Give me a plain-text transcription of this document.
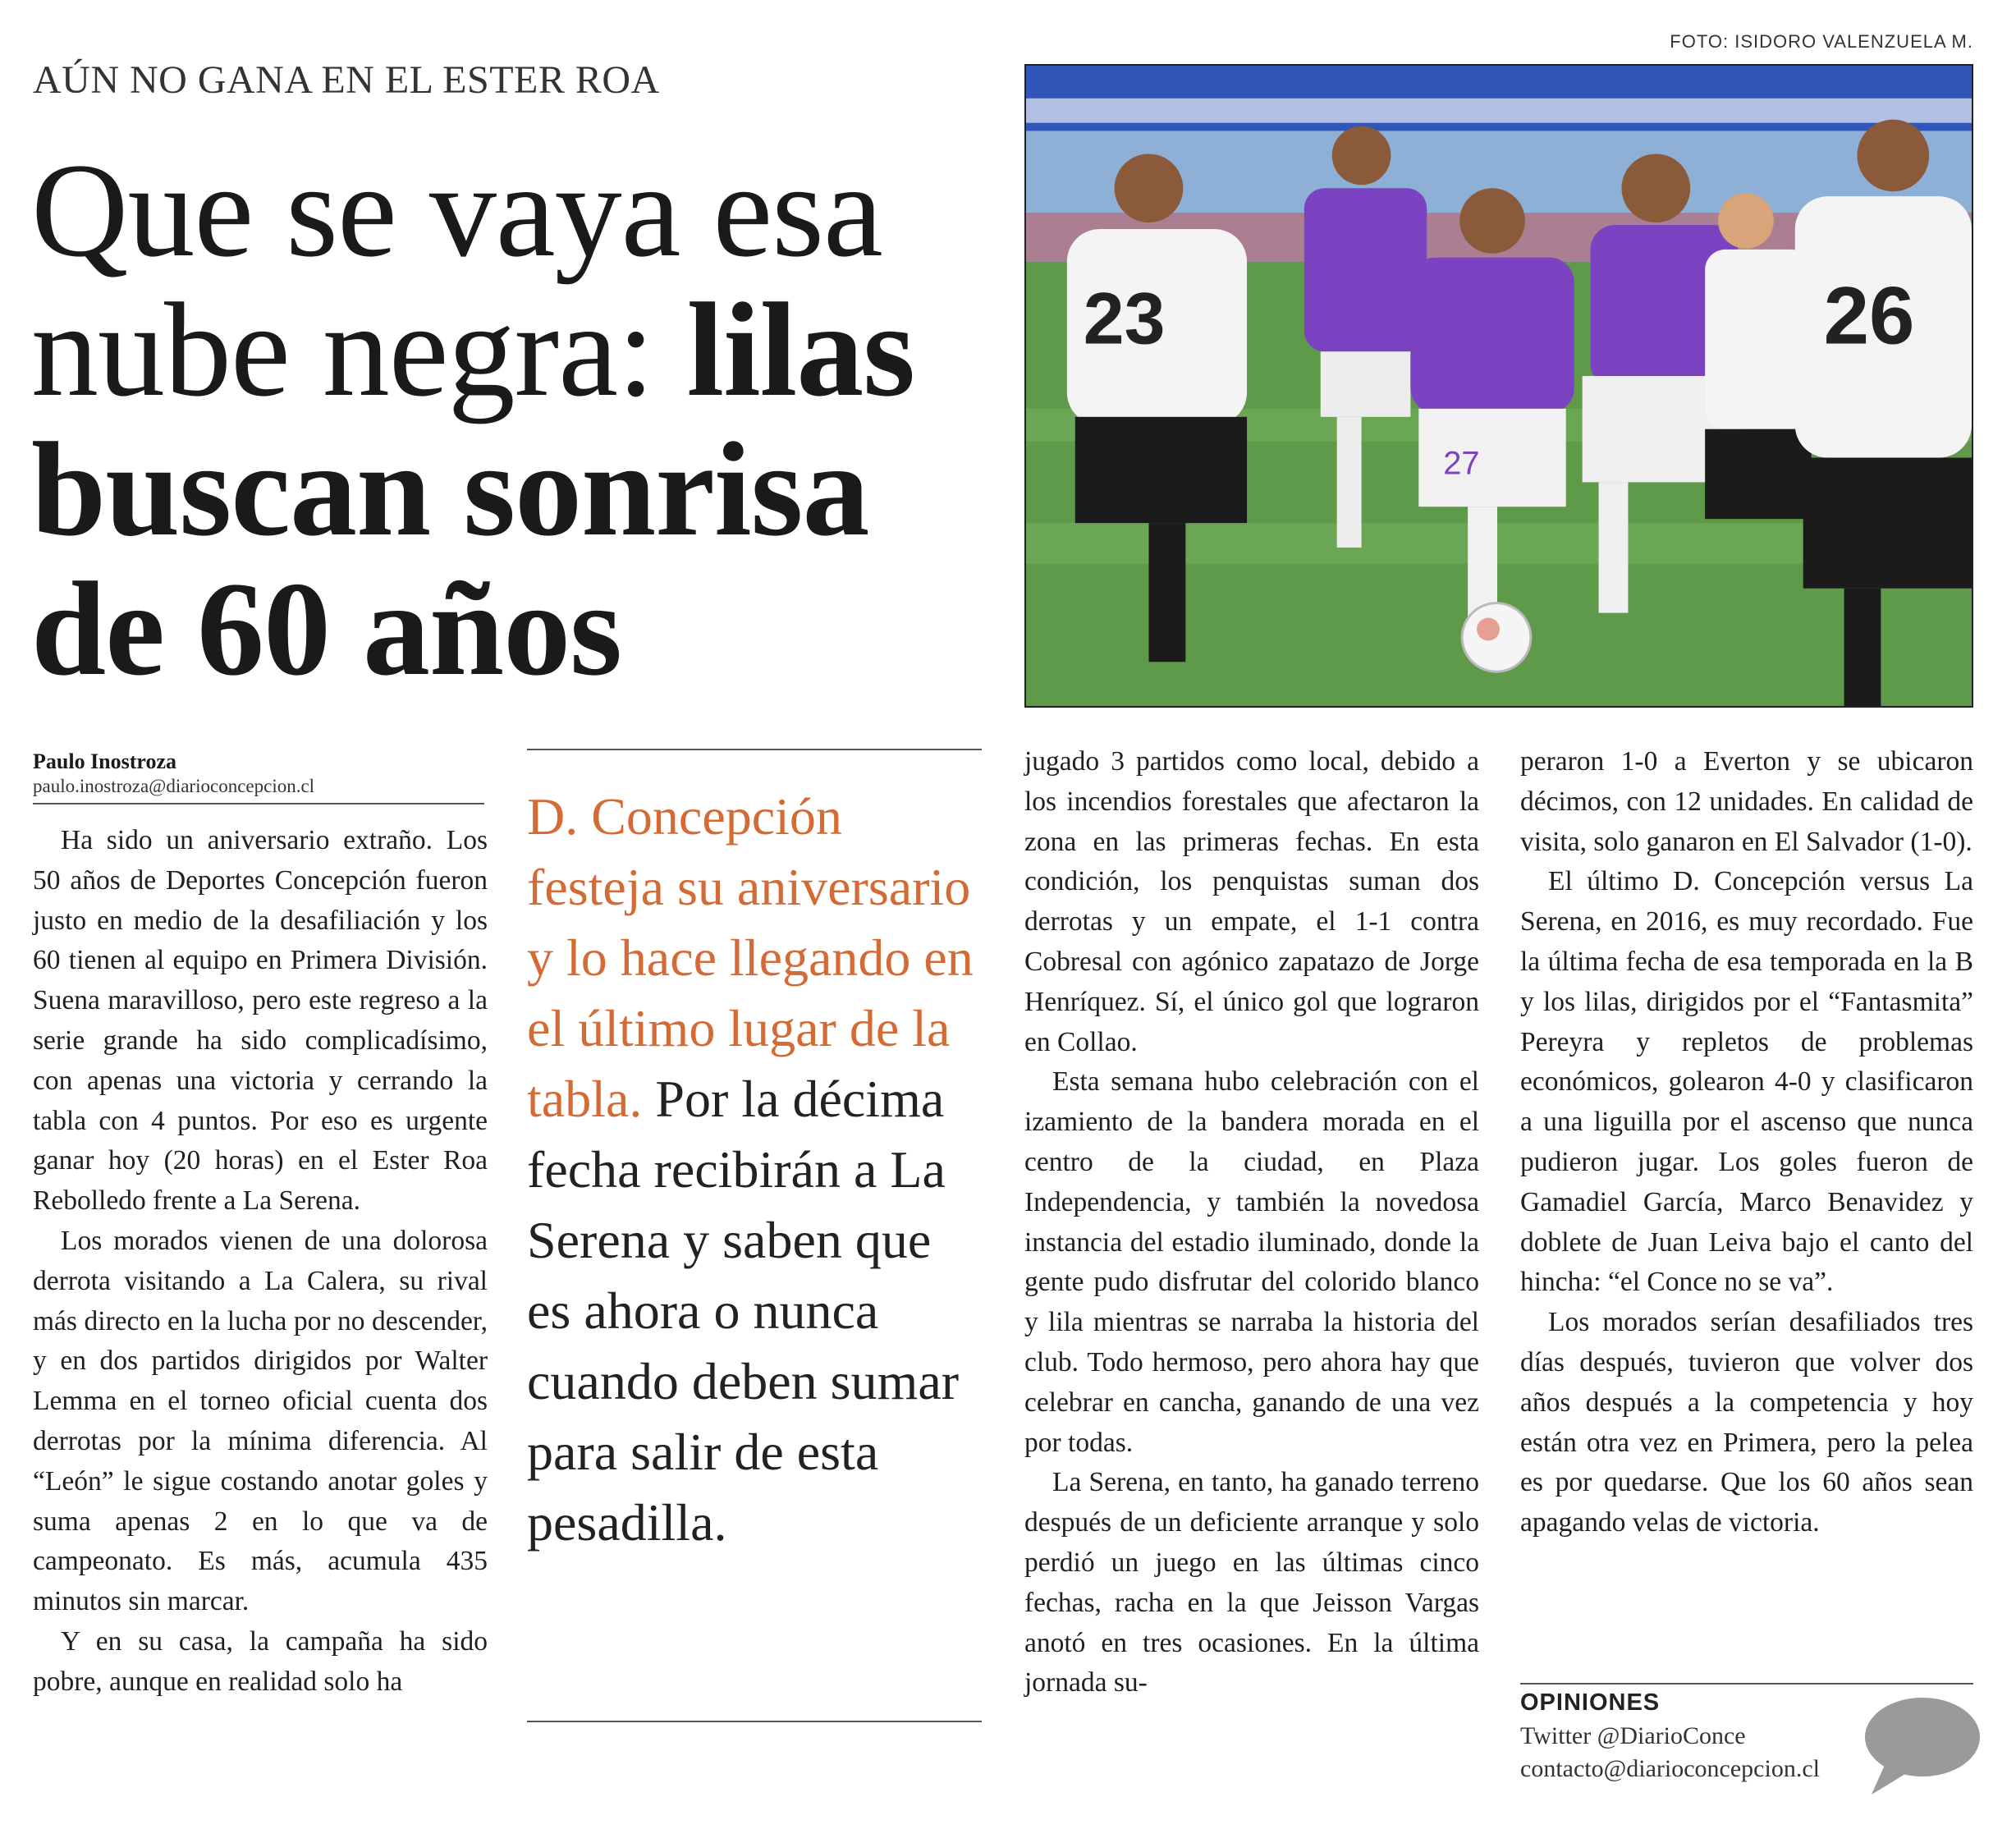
AÚN NO GANA EN EL ESTER ROA
Que se vaya esa
nube negra: lilas
buscan sonrisa
de 60 años
FOTO: ISIDORO VALENZUELA M.
23
27
26
Paulo Inostroza
paulo.inostroza@diarioconcepcion.cl

Ha sido un aniversario extraño. Los 50 años de Deportes Concepción fueron justo en medio de la desafiliación y los 60 tienen al equipo en Primera División. Suena maravilloso, pero este regreso a la serie grande ha sido complicadísimo, con apenas una victoria y cerrando la tabla con 4 puntos. Por eso es urgente ganar hoy (20 horas) en el Ester Roa Rebolledo frente a La Serena.

Los morados vienen de una dolorosa derrota visitando a La Calera, su rival más directo en la lucha por no descender, y en dos partidos dirigidos por Walter Lemma en el torneo oficial cuenta dos derrotas por la mínima diferencia. Al “León” le sigue costando anotar goles y suma apenas 2 en lo que va de campeonato. Es más, acumula 435 minutos sin marcar.

Y en su casa, la campaña ha sido pobre, aunque en realidad solo ha

D. Concepción festeja su aniversario y lo hace llegando en el último lugar de la tabla. Por la décima fecha recibirán a La Serena y saben que es ahora o nunca cuando deben sumar para salir de esta pesadilla.

jugado 3 partidos como local, debido a los incendios forestales que afectaron la zona en las primeras fechas. En esta condición, los penquistas suman dos derrotas y un empate, el 1-1 contra Cobresal con agónico zapatazo de Jorge Henríquez. Sí, el único gol que lograron en Collao.

Esta semana hubo celebración con el izamiento de la bandera morada en el centro de la ciudad, en Plaza Independencia, y también la novedosa instancia del estadio iluminado, donde la gente pudo disfrutar del colorido blanco y lila mientras se narraba la historia del club. Todo hermoso, pero ahora hay que celebrar en cancha, ganando de una vez por todas.

La Serena, en tanto, ha ganado terreno después de un deficiente arranque y solo perdió un juego en las últimas cinco fechas, racha en la que Jeisson Vargas anotó en tres ocasiones. En la última jornada su-

peraron 1-0 a Everton y se ubicaron décimos, con 12 unidades. En calidad de visita, solo ganaron en El Salvador (1-0).

El último D. Concepción versus La Serena, en 2016, es muy recordado. Fue la última fecha de esa temporada en la B y los lilas, dirigidos por el “Fantasmita” Pereyra y repletos de problemas económicos, golearon 4-0 y clasificaron a una liguilla por el ascenso que nunca pudieron jugar. Los goles fueron de Gamadiel García, Marco Benavidez y doblete de Juan Leiva bajo el canto del hincha: “el Conce no se va”.

Los morados serían desafiliados tres días después, tuvieron que volver dos años después a la competencia y hoy están otra vez en Primera, pero la pelea es por quedarse. Que los 60 años sean apagando velas de victoria.

OPINIONES
Twitter @DiarioConce
contacto@diarioconcepcion.cl
